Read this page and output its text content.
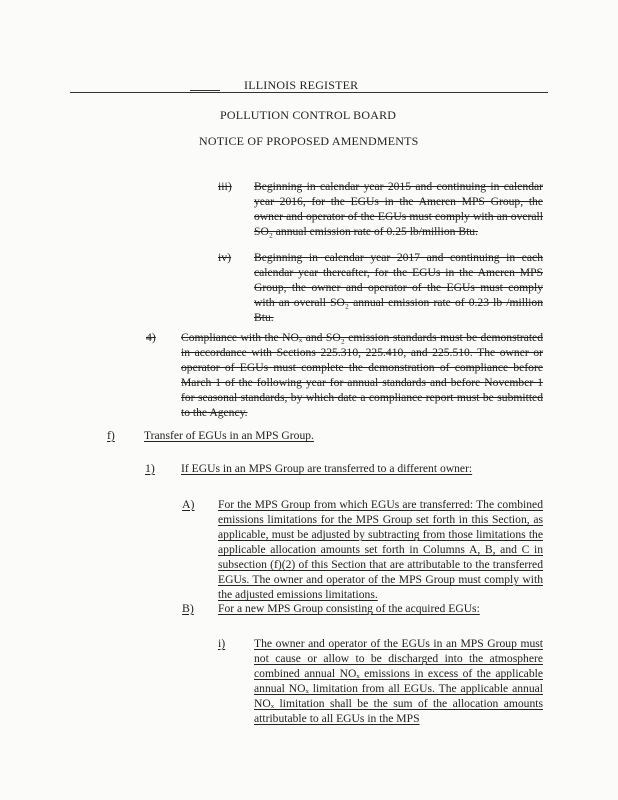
ILLINOIS REGISTER
POLLUTION CONTROL BOARD
NOTICE OF PROPOSED AMENDMENTS
iii) Beginning in calendar year 2015 and continuing in calendar year 2016, for the EGUs in the Ameren MPS Group, the owner and operator of the EGUs must comply with an overall SO₂ annual emission rate of 0.25 lb/million Btu.
iv) Beginning in calendar year 2017 and continuing in each calendar year thereafter, for the EGUs in the Ameren MPS Group, the owner and operator of the EGUs must comply with an overall SO₂ annual emission rate of 0.23 lb /million Btu.
4) Compliance with the NOₓ and SO₂ emission standards must be demonstrated in accordance with Sections 225.310, 225.410, and 225.510. The owner or operator of EGUs must complete the demonstration of compliance before March 1 of the following year for annual standards and before November 1 for seasonal standards, by which date a compliance report must be submitted to the Agency.
f)	Transfer of EGUs in an MPS Group.
1) If EGUs in an MPS Group are transferred to a different owner:
A) For the MPS Group from which EGUs are transferred: The combined emissions limitations for the MPS Group set forth in this Section, as applicable, must be adjusted by subtracting from those limitations the applicable allocation amounts set forth in Columns A, B, and C in subsection (f)(2) of this Section that are attributable to the transferred EGUs. The owner and operator of the MPS Group must comply with the adjusted emissions limitations.
B) For a new MPS Group consisting of the acquired EGUs:
i) The owner and operator of the EGUs in an MPS Group must not cause or allow to be discharged into the atmosphere combined annual NOₓ emissions in excess of the applicable annual NOₓ limitation from all EGUs. The applicable annual NOₓ limitation shall be the sum of the allocation amounts attributable to all EGUs in the MPS
